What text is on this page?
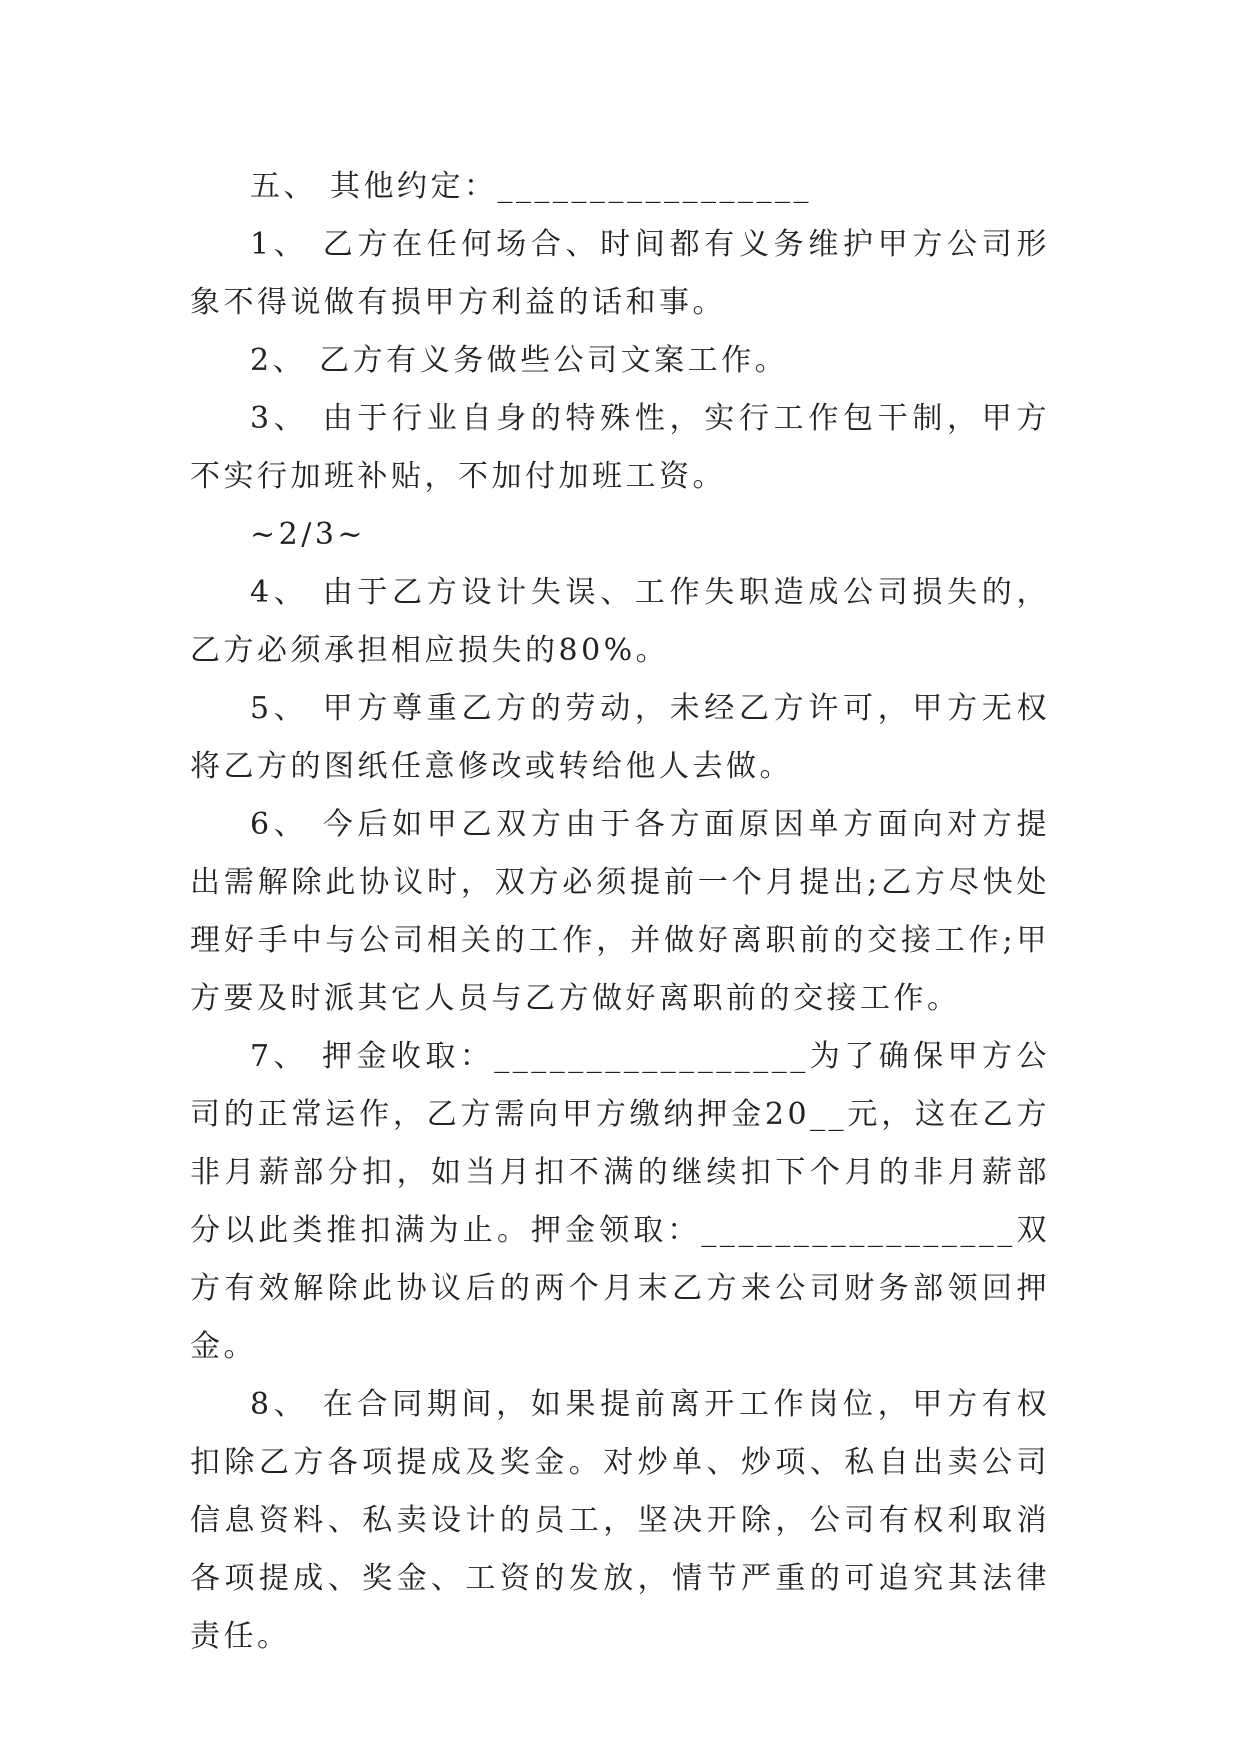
五、 其他约定：_________________

1、 乙方在任何场合、时间都有义务维护甲方公司形象不得说做有损甲方利益的话和事。

2、 乙方有义务做些公司文案工作。

3、 由于行业自身的特殊性，实行工作包干制，甲方不实行加班补贴，不加付加班工资。

~2/3~

4、 由于乙方设计失误、工作失职造成公司损失的，乙方必须承担相应损失的80%。

5、 甲方尊重乙方的劳动，未经乙方许可，甲方无权将乙方的图纸任意修改或转给他人去做。

6、 今后如甲乙双方由于各方面原因单方面向对方提出需解除此协议时，双方必须提前一个月提出;乙方尽快处理好手中与公司相关的工作，并做好离职前的交接工作;甲方要及时派其它人员与乙方做好离职前的交接工作。

7、 押金收取：_________________为了确保甲方公司的正常运作，乙方需向甲方缴纳押金20__元，这在乙方非月薪部分扣，如当月扣不满的继续扣下个月的非月薪部分以此类推扣满为止。押金领取：_________________双方有效解除此协议后的两个月末乙方来公司财务部领回押金。

8、 在合同期间，如果提前离开工作岗位，甲方有权扣除乙方各项提成及奖金。对炒单、炒项、私自出卖公司信息资料、私卖设计的员工，坚决开除，公司有权利取消各项提成、奖金、工资的发放，情节严重的可追究其法律责任。
